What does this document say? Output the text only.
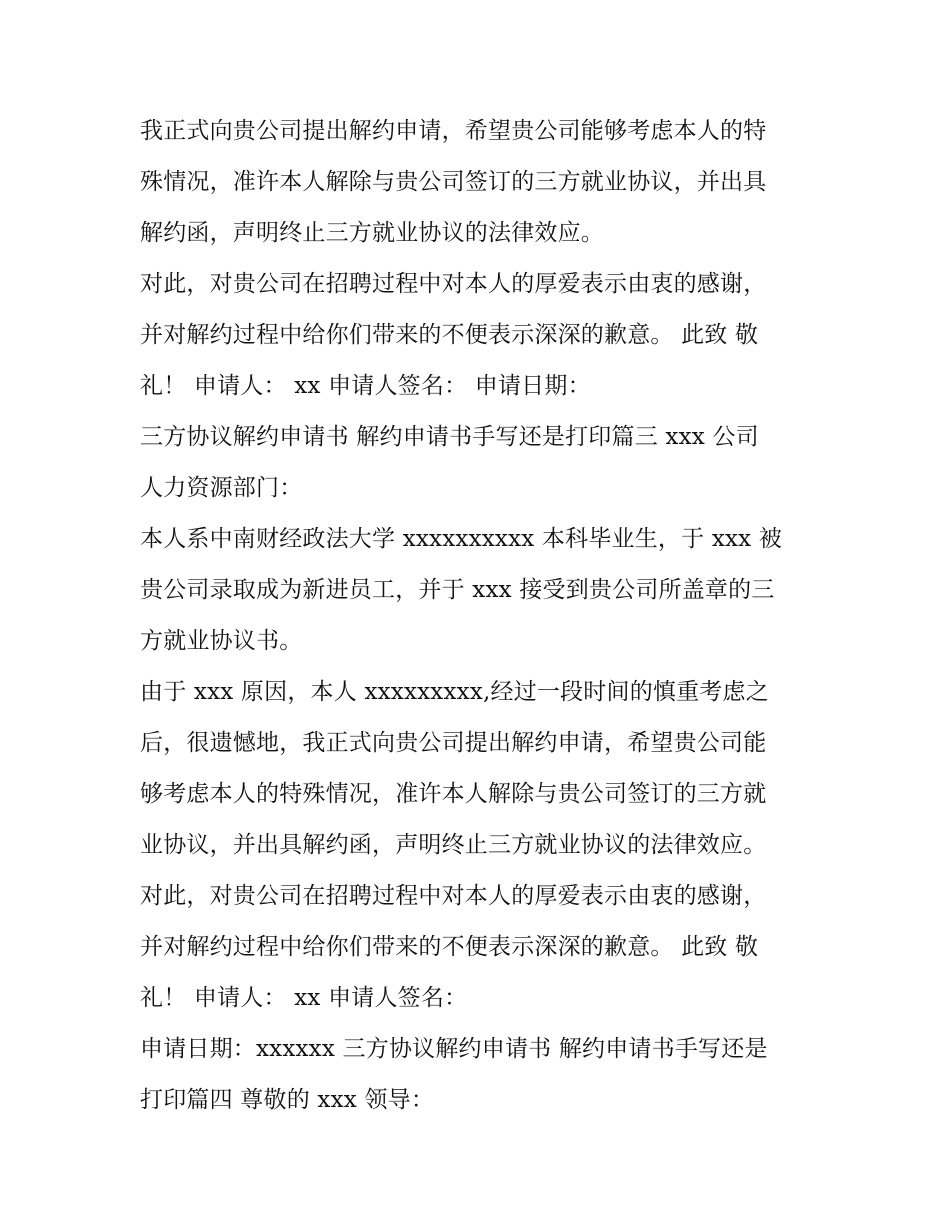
我正式向贵公司提出解约申请，希望贵公司能够考虑本人的特
殊情况，准许本人解除与贵公司签订的三方就业协议，并出具
解约函，声明终止三方就业协议的法律效应。
对此，对贵公司在招聘过程中对本人的厚爱表示由衷的感谢，
并对解约过程中给你们带来的不便表示深深的歉意。 此致 敬
礼！ 申请人： xx 申请人签名： 申请日期：
三方协议解约申请书 解约申请书手写还是打印篇三 xxx 公司
人力资源部门：
本人系中南财经政法大学 xxxxxxxxxx 本科毕业生，于 xxx 被
贵公司录取成为新进员工，并于 xxx 接受到贵公司所盖章的三
方就业协议书。
由于 xxx 原因，本人 xxxxxxxxx,经过一段时间的慎重考虑之
后，很遗憾地，我正式向贵公司提出解约申请，希望贵公司能
够考虑本人的特殊情况，准许本人解除与贵公司签订的三方就
业协议，并出具解约函，声明终止三方就业协议的法律效应。
对此，对贵公司在招聘过程中对本人的厚爱表示由衷的感谢，
并对解约过程中给你们带来的不便表示深深的歉意。 此致 敬
礼！ 申请人： xx 申请人签名：
申请日期：xxxxxx 三方协议解约申请书 解约申请书手写还是
打印篇四 尊敬的 xxx 领导：
